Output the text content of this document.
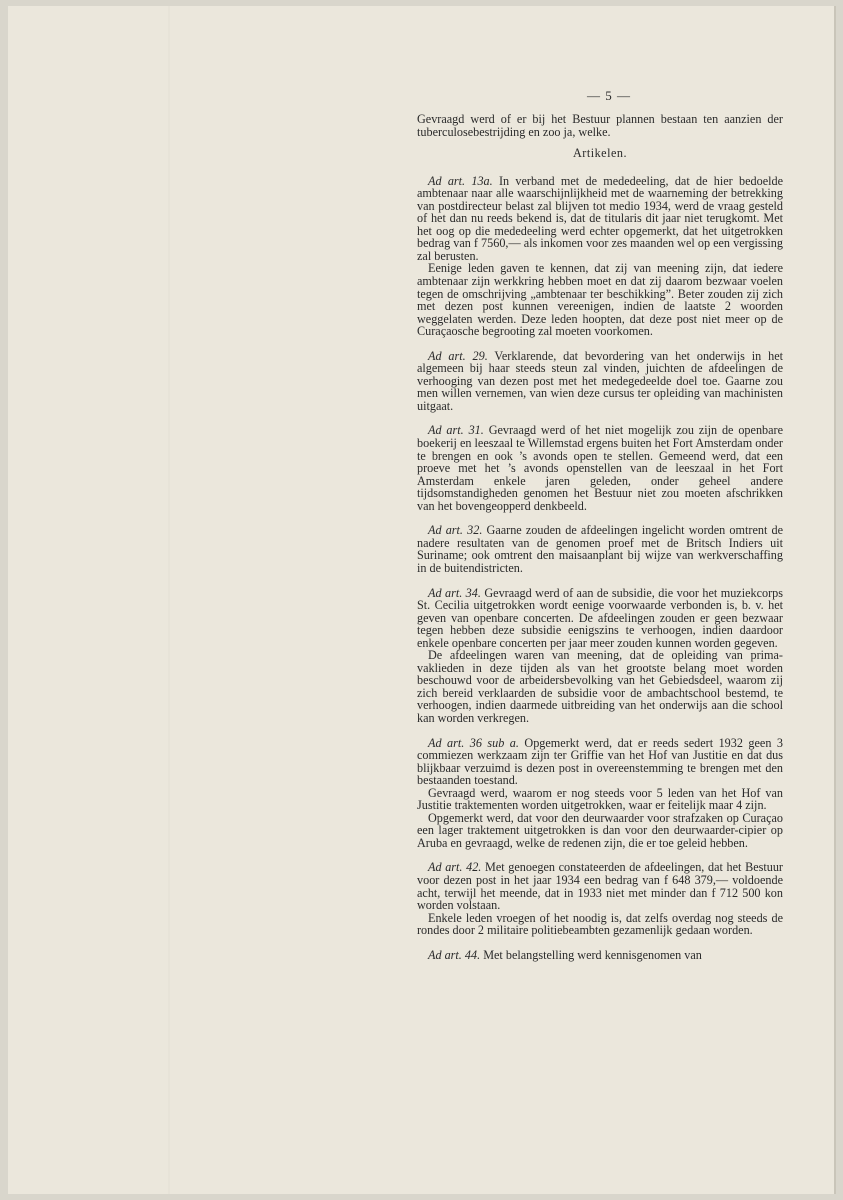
— 5 —

Gevraagd werd of er bij het Bestuur plannen bestaan ten aanzien der tuberculosebestrijding en zoo ja, welke.

Artikelen.

Ad art. 13a. In verband met de mededeeling, dat de hier bedoelde ambtenaar naar alle waarschijnlijkheid met de waarneming der betrekking van postdirecteur belast zal blijven tot medio 1934, werd de vraag gesteld of het dan nu reeds bekend is, dat de titularis dit jaar niet terugkomt. Met het oog op die mededeeling werd echter opgemerkt, dat het uitgetrokken bedrag van f 7560,— als inkomen voor zes maanden wel op een vergissing zal berusten.

Eenige leden gaven te kennen, dat zij van meening zijn, dat iedere ambtenaar zijn werkkring hebben moet en dat zij daarom bezwaar voelen tegen de omschrijving „ambtenaar ter beschikking”. Beter zouden zij zich met dezen post kunnen vereenigen, indien de laatste 2 woorden weggelaten werden. Deze leden hoopten, dat deze post niet meer op de Curaçaosche begrooting zal moeten voorkomen.

Ad art. 29. Verklarende, dat bevordering van het onderwijs in het algemeen bij haar steeds steun zal vinden, juichten de afdeelingen de verhooging van dezen post met het medegedeelde doel toe. Gaarne zou men willen vernemen, van wien deze cursus ter opleiding van machinisten uitgaat.

Ad art. 31. Gevraagd werd of het niet mogelijk zou zijn de openbare boekerij en leeszaal te Willemstad ergens buiten het Fort Amsterdam onder te brengen en ook ’s avonds open te stellen. Gemeend werd, dat een proeve met het ’s avonds openstellen van de leeszaal in het Fort Amsterdam enkele jaren geleden, onder geheel andere tijdsomstandigheden genomen het Bestuur niet zou moeten afschrikken van het bovengeopperd denkbeeld.

Ad art. 32. Gaarne zouden de afdeelingen ingelicht worden omtrent de nadere resultaten van de genomen proef met de Britsch Indiers uit Suriname; ook omtrent den maisaanplant bij wijze van werkverschaffing in de buitendistricten.

Ad art. 34. Gevraagd werd of aan de subsidie, die voor het muziekcorps St. Cecilia uitgetrokken wordt eenige voorwaarde verbonden is, b. v. het geven van openbare concerten. De afdeelingen zouden er geen bezwaar tegen hebben deze subsidie eenigszins te verhoogen, indien daardoor enkele openbare concerten per jaar meer zouden kunnen worden gegeven.

De afdeelingen waren van meening, dat de opleiding van prima-vaklieden in deze tijden als van het grootste belang moet worden beschouwd voor de arbeidersbevolking van het Gebiedsdeel, waarom zij zich bereid verklaarden de subsidie voor de ambachtschool bestemd, te verhoogen, indien daarmede uitbreiding van het onderwijs aan die school kan worden verkregen.

Ad art. 36 sub a. Opgemerkt werd, dat er reeds sedert 1932 geen 3 commiezen werkzaam zijn ter Griffie van het Hof van Justitie en dat dus blijkbaar verzuimd is dezen post in overeenstemming te brengen met den bestaanden toestand.

Gevraagd werd, waarom er nog steeds voor 5 leden van het Hof van Justitie traktementen worden uitgetrokken, waar er feitelijk maar 4 zijn.

Opgemerkt werd, dat voor den deurwaarder voor strafzaken op Curaçao een lager traktement uitgetrokken is dan voor den deurwaarder-cipier op Aruba en gevraagd, welke de redenen zijn, die er toe geleid hebben.

Ad art. 42. Met genoegen constateerden de afdeelingen, dat het Bestuur voor dezen post in het jaar 1934 een bedrag van f 648 379,— voldoende acht, terwijl het meende, dat in 1933 niet met minder dan f 712 500 kon worden volstaan.

Enkele leden vroegen of het noodig is, dat zelfs overdag nog steeds de rondes door 2 militaire politiebeambten gezamenlijk gedaan worden.

Ad art. 44. Met belangstelling werd kennisgenomen van
